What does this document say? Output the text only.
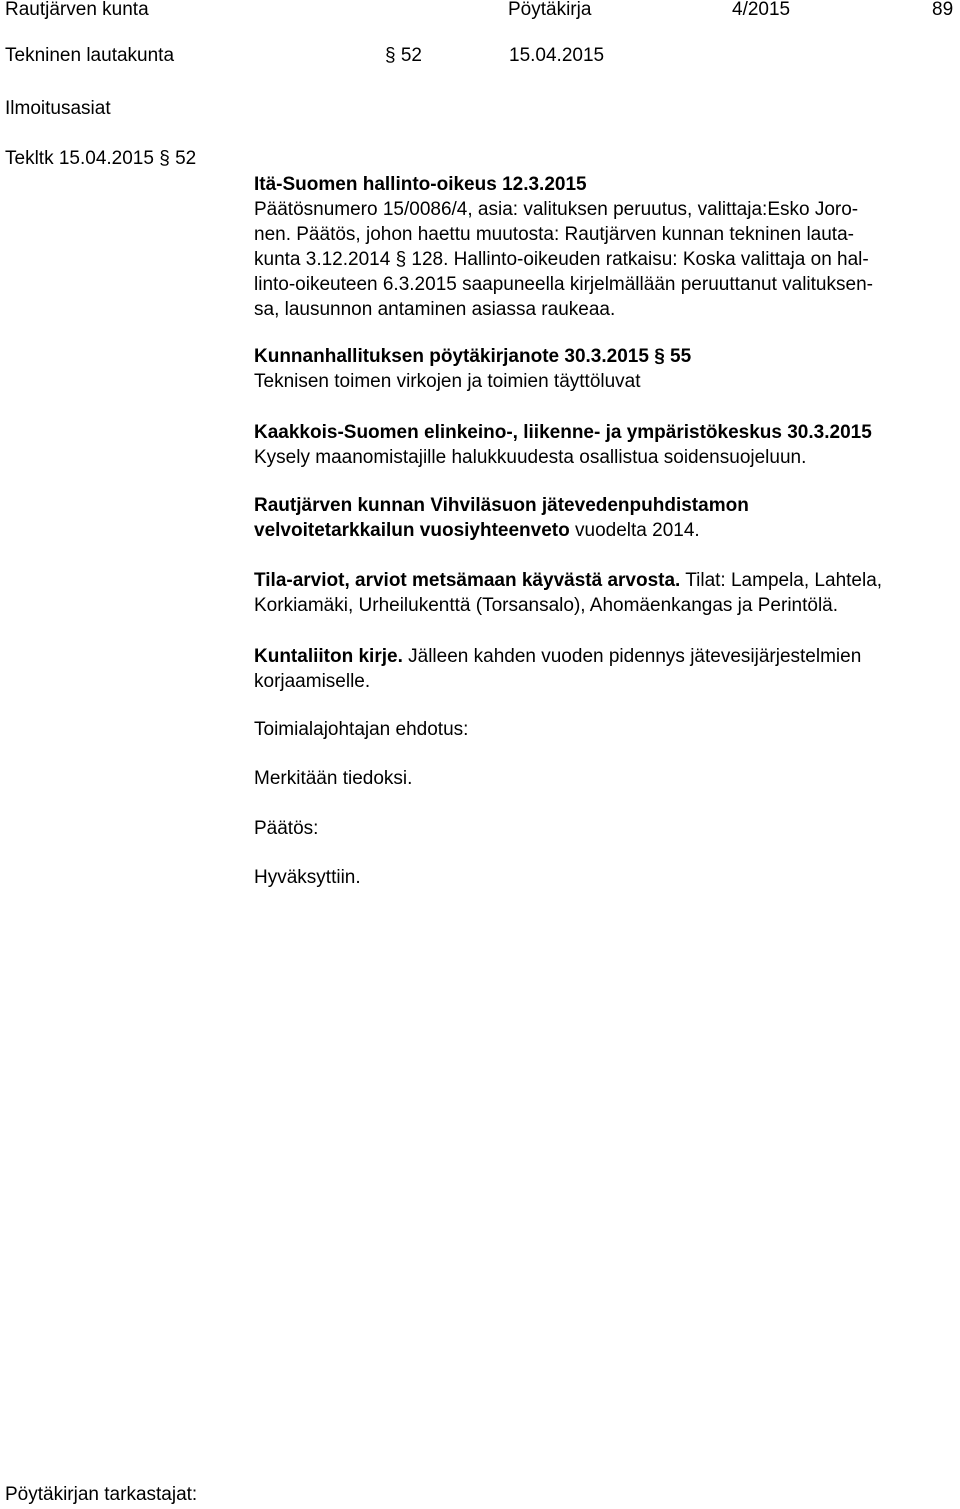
Rautjärven kunta	Pöytäkirja	4/2015	89
Tekninen lautakunta	§ 52	15.04.2015
Ilmoitusasiat
Tekltk 15.04.2015 § 52
Itä-Suomen hallinto-oikeus 12.3.2015
Päätösnumero 15/0086/4, asia: valituksen peruutus, valittaja:Esko Joro-
nen. Päätös, johon haettu muutosta: Rautjärven kunnan tekninen lauta-
kunta 3.12.2014 § 128. Hallinto-oikeuden ratkaisu: Koska valittaja on hal-
linto-oikeuteen 6.3.2015 saapuneella kirjelmällään peruuttanut valituksen-
sa, lausunnon antaminen asiassa raukeaa.
Kunnanhallituksen pöytäkirjanote 30.3.2015 § 55
Teknisen toimen virkojen ja toimien täyttöluvat
Kaakkois-Suomen elinkeino-, liikenne- ja ympäristökeskus 30.3.2015
Kysely maanomistajille halukkuudesta osallistua soidensuojeluun.
Rautjärven kunnan Vihviläsuon jätevedenpuhdistamon
velvoitetarkkailun vuosiyhteenveto vuodelta 2014.
Tila-arviot, arviot metsämaan käyvästä arvosta. Tilat: Lampela, Lahtela,
Korkiamäki, Urheilukenttä (Torsansalo), Ahomäenkangas ja Perintölä.
Kuntaliiton kirje. Jälleen kahden vuoden pidennys jätevesijärjestelmien
korjaamiselle.
Toimialajohtajan ehdotus:
Merkitään tiedoksi.
Päätös:
Hyväksyttiin.
Pöytäkirjan tarkastajat:
